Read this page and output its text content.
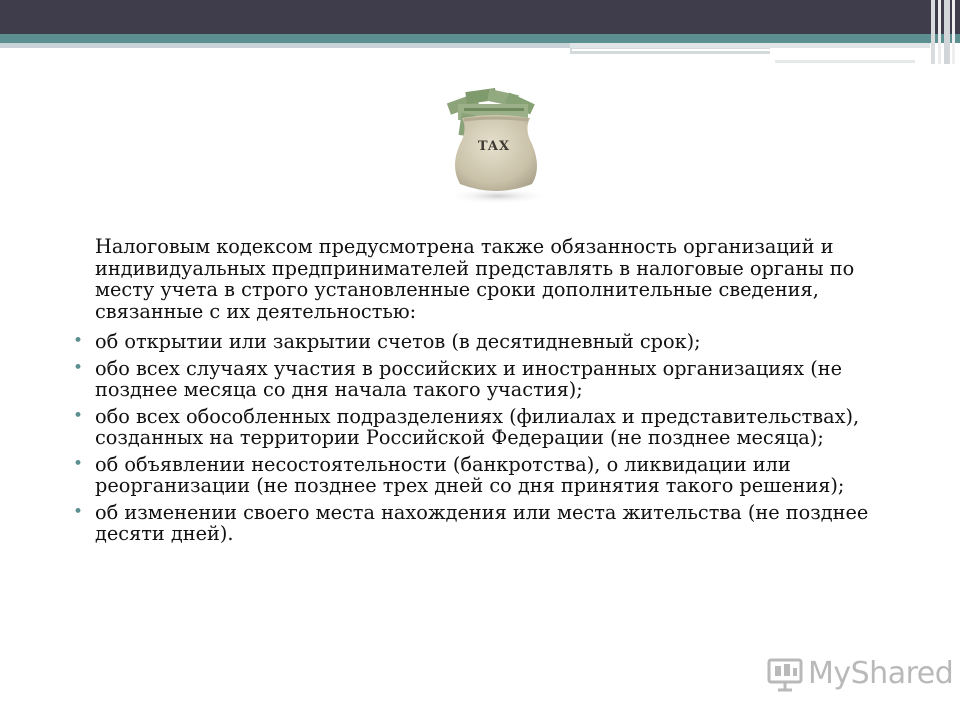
TAX

Налоговым кодексом предусмотрена также обязанность организаций и индивидуальных предпринимателей представлять в налоговые органы по месту учета в строго установленные сроки дополнительные сведения, связанные с их деятельностью:

• об открытии или закрытии счетов (в десятидневный срок);
• обо всех случаях участия в российских и иностранных организациях (не позднее месяца со дня начала такого участия);
• обо всех обособленных подразделениях (филиалах и представительствах), созданных на территории Российской Федерации (не позднее месяца);
• об объявлении несостоятельности (банкротства), о ликвидации или реорганизации (не позднее трех дней со дня принятия такого решения);
• об изменении своего места нахождения или места жительства (не позднее десяти дней).
MyShared
